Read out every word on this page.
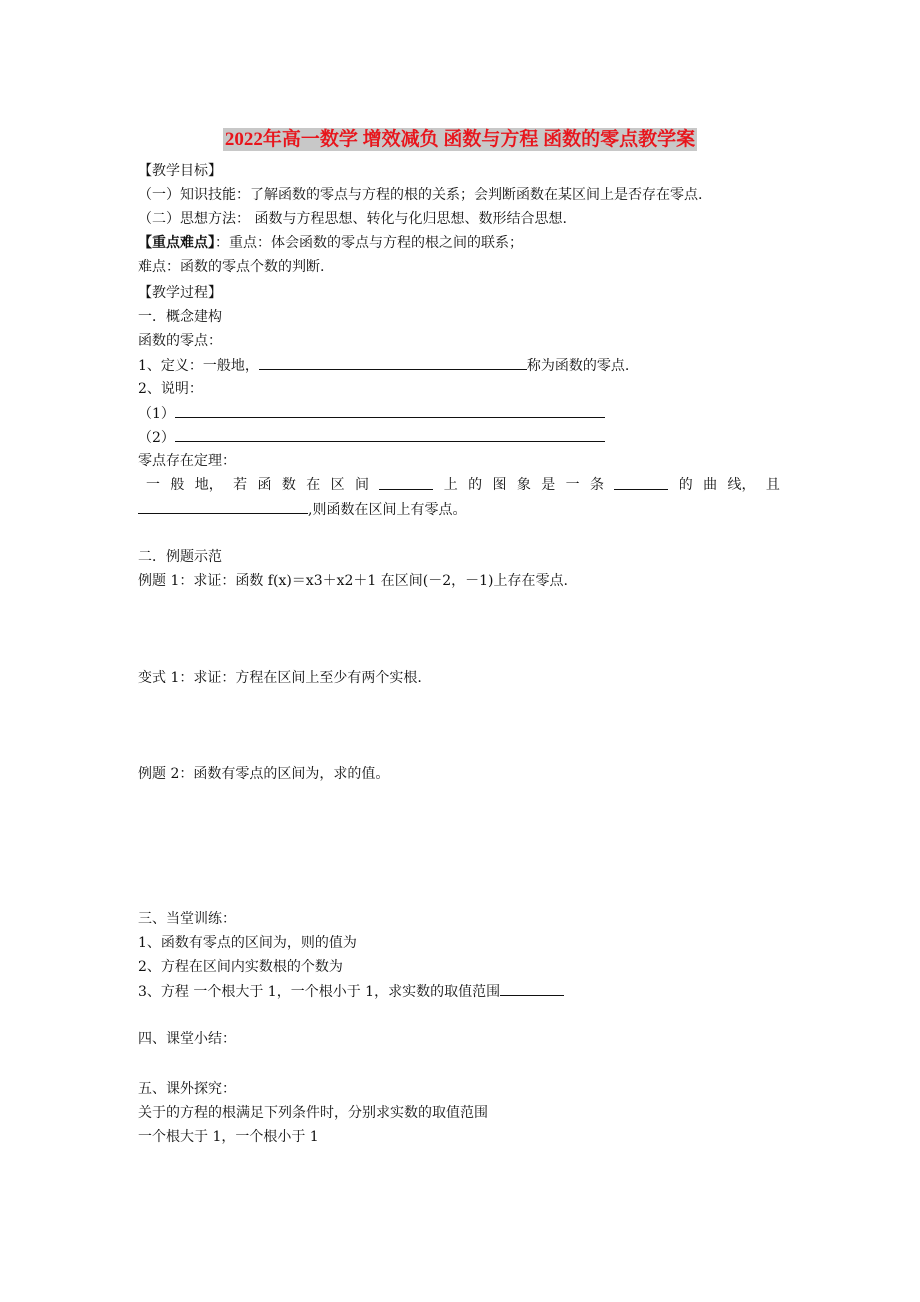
2022年高一数学 增效减负 函数与方程 函数的零点教学案
【教学目标】
（一）知识技能：了解函数的零点与方程的根的关系；会判断函数在某区间上是否存在零点.
（二）思想方法： 函数与方程思想、转化与化归思想、数形结合思想.
【重点难点】：重点：体会函数的零点与方程的根之间的联系；
难点：函数的零点个数的判断.
【教学过程】
一．概念建构
函数的零点：
1、定义：一般地，	称为函数的零点.
2、说明：
（1）
（2）
零点存在定理：
一 般 地， 若 函 数 在 区 间	上 的 图 象 是 一 条	的 曲 线， 且
,则函数在区间上有零点。
二．例题示范
例题 1：求证：函数 f(x)＝x3＋x2＋1 在区间(－2，－1)上存在零点.
变式 1：求证：方程在区间上至少有两个实根.
例题 2：函数有零点的区间为，求的值。
三、当堂训练：
1、函数有零点的区间为，则的值为
2、方程在区间内实数根的个数为
3、方程 一个根大于 1，一个根小于 1，求实数的取值范围
四、课堂小结：
五、课外探究：
关于的方程的根满足下列条件时，分别求实数的取值范围
一个根大于 1，一个根小于 1
